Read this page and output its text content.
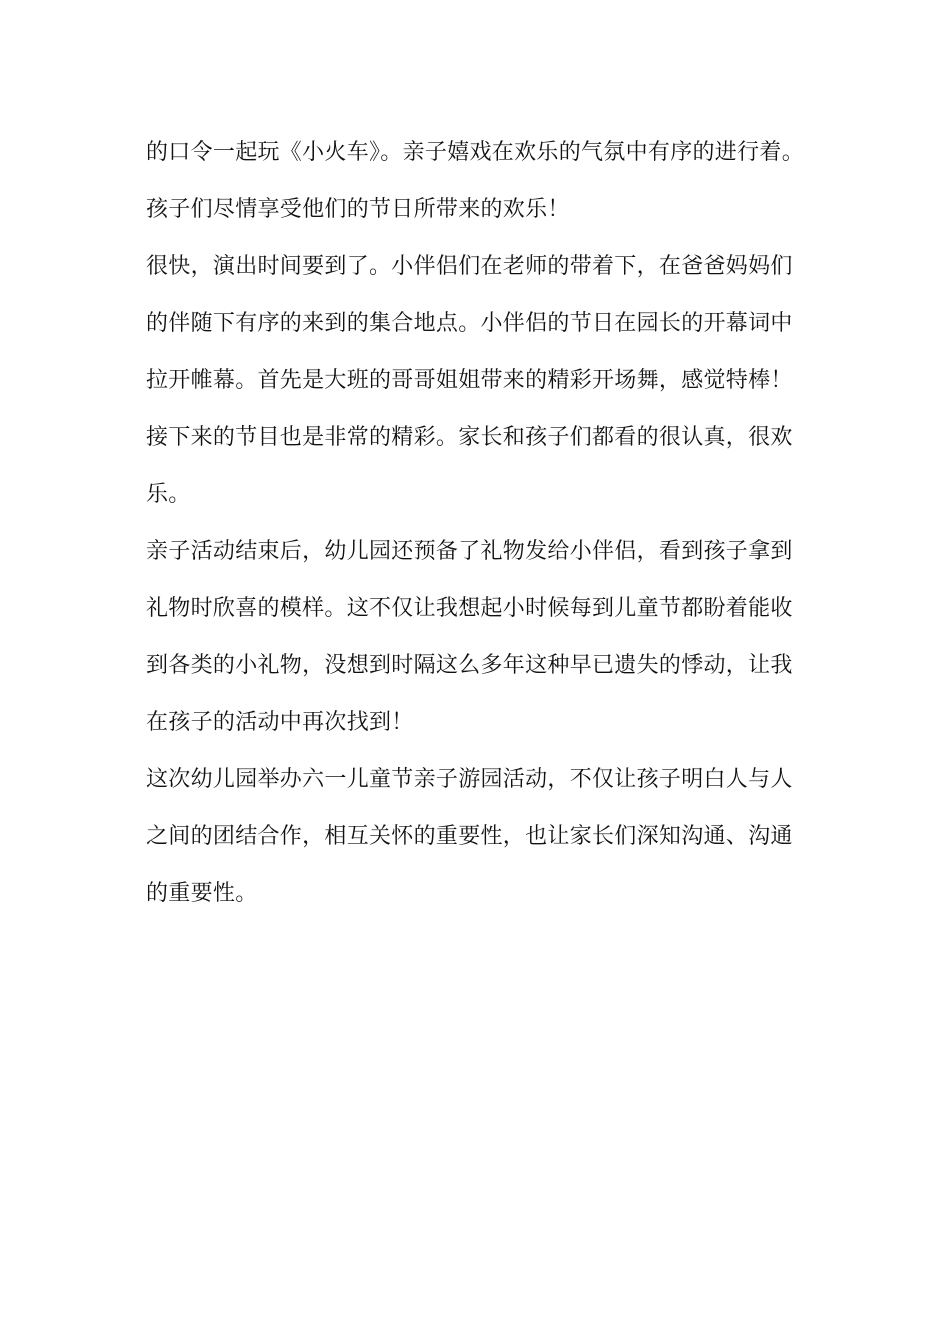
的口令一起玩《小火车》。亲子嬉戏在欢乐的气氛中有序的进行着。
孩子们尽情享受他们的节日所带来的欢乐！
很快，演出时间要到了。小伴侣们在老师的带着下，在爸爸妈妈们
的伴随下有序的来到的集合地点。小伴侣的节日在园长的开幕词中
拉开帷幕。首先是大班的哥哥姐姐带来的精彩开场舞，感觉特棒！
接下来的节目也是非常的精彩。家长和孩子们都看的很认真，很欢
乐。
亲子活动结束后，幼儿园还预备了礼物发给小伴侣，看到孩子拿到
礼物时欣喜的模样。这不仅让我想起小时候每到儿童节都盼着能收
到各类的小礼物，没想到时隔这么多年这种早已遗失的悸动，让我
在孩子的活动中再次找到！
这次幼儿园举办六一儿童节亲子游园活动，不仅让孩子明白人与人
之间的团结合作，相互关怀的重要性，也让家长们深知沟通、沟通
的重要性。
